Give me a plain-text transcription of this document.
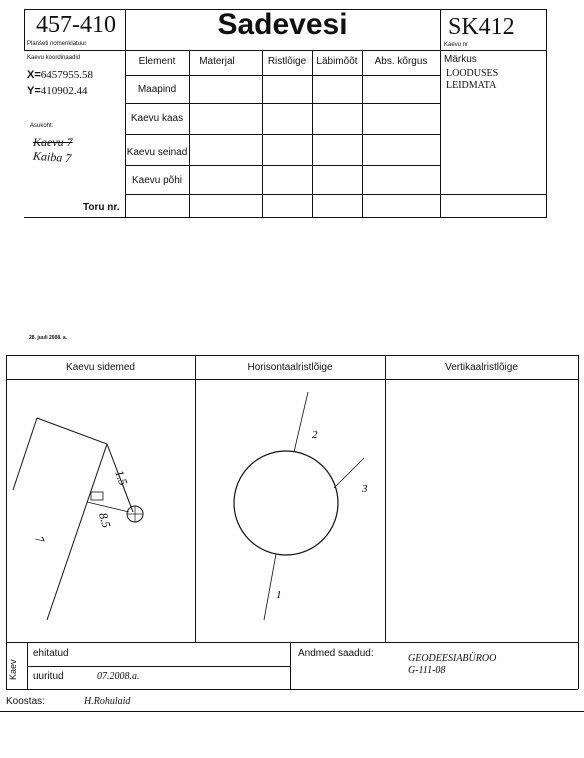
457-410
Planšeti nomenklatuur
Sadevesi	SK412
Kaevu nr
Kaevu koordinaadid
X=6457955.58
Y=410902.44
Asukoht:
Kaevu 7
Kaiba 7
Element	Materjal	Ristlõige	Läbimõõt	Abs. kõrgus
Maapind
Kaevu kaas
Kaevu seinad
Kaevu põhi
Toru nr.
Märkus
LOODUSES
LEIDMATA
28. juuli 2008. a.
Kaevu sidemed	Horisontaalristlõige	Vertikaalristlõige
1.5
8.5
7
2
3
1
Kaev
ehitatud
uuritud	07.2008.a.
Andmed saadud:	GEODEESIABÜROO
G-111-08
Koostas:	H.Rohulaid
